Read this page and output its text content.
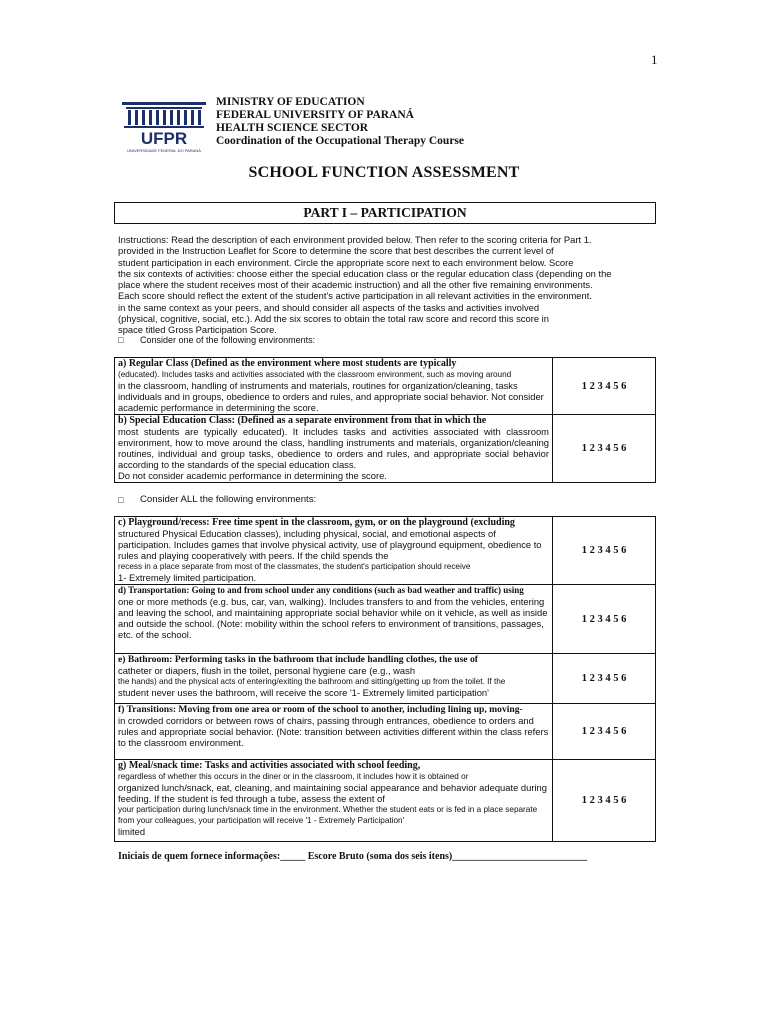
1
UFPR
UNIVERSIDADE FEDERAL DO PARANÁ
MINISTRY OF EDUCATION
FEDERAL UNIVERSITY OF PARANÁ
HEALTH SCIENCE SECTOR
Coordination of the Occupational Therapy Course
SCHOOL FUNCTION ASSESSMENT
PART I – PARTICIPATION
Instructions: Read the description of each environment provided below. Then refer to the scoring criteria for Part 1.
provided in the Instruction Leaflet for Score to determine the score that best describes the current level of
student participation in each environment. Circle the appropriate score next to each environment below. Score
the six contexts of activities: choose either the special education class or the regular education class (depending on the
place where the student receives most of their academic instruction) and all the other five remaining environments.
Each score should reflect the extent of the student's active participation in all relevant activities in the environment.
in the same context as your peers, and should consider all aspects of the tasks and activities involved
(physical, cognitive, social, etc.). Add the six scores to obtain the total raw score and record this score in
space titled Gross Participation Score.
□ Consider one of the following environments:
a) Regular Class (Defined as the environment where most students are typically
(educated). Includes tasks and activities associated with the classroom environment, such as moving around
in the classroom, handling of instruments and materials, routines for organization/cleaning, tasks individuals and in groups, obedience to orders and rules, and appropriate social behavior. Not consider academic performance in determining the score.	1 2 3 4 5 6

b) Special Education Class: (Defined as a separate environment from that in which the
most students are typically educated). It includes tasks and activities associated with classroom environment, how to move around the class, handling instruments and materials, organization/cleaning routines, individual and group tasks, obedience to orders and rules, and appropriate social behavior according to the standards of the special education class.
Do not consider academic performance in determining the score.	1 2 3 4 5 6
□ Consider ALL the following environments:
c) Playground/recess: Free time spent in the classroom, gym, or on the playground (excluding
structured Physical Education classes), including physical, social, and emotional aspects of participation. Includes games that involve physical activity, use of playground equipment, obedience to rules and playing cooperatively with peers. If the child spends the
recess in a place separate from most of the classmates, the student's participation should receive
1- Extremely limited participation.	1 2 3 4 5 6

d) Transportation: Going to and from school under any conditions (such as bad weather and traffic) using
one or more methods (e.g. bus, car, van, walking). Includes transfers to and from the vehicles, entering and leaving the school, and maintaining appropriate social behavior while on it vehicle, as well as inside and outside the school. (Note: mobility within the school refers to environment of transitions, passages, etc. of the school.	1 2 3 4 5 6

e) Bathroom: Performing tasks in the bathroom that include handling clothes, the use of
catheter or diapers, flush in the toilet, personal hygiene care (e.g., wash
the hands) and the physical acts of entering/exiting the bathroom and sitting/getting up from the toilet. If the
student never uses the bathroom, will receive the score '1- Extremely limited participation'	1 2 3 4 5 6

f) Transitions: Moving from one area or room of the school to another, including lining up, moving-
in crowded corridors or between rows of chairs, passing through entrances, obedience to orders and rules and appropriate social behavior. (Note: transition between activities different within the class refers to the classroom environment.	1 2 3 4 5 6

g) Meal/snack time: Tasks and activities associated with school feeding,
regardless of whether this occurs in the diner or in the classroom, it includes how it is obtained or
organized lunch/snack, eat, cleaning, and maintaining social appearance and behavior adequate during feeding. If the student is fed through a tube, assess the extent of
your participation during lunch/snack time in the environment. Whether the student eats or is fed in a place separate from your colleagues, your participation will receive '1 - Extremely Participation'
limited	1 2 3 4 5 6
Iniciais de quem fornece informações:_____ Escore Bruto (soma dos seis itens)___________________________
